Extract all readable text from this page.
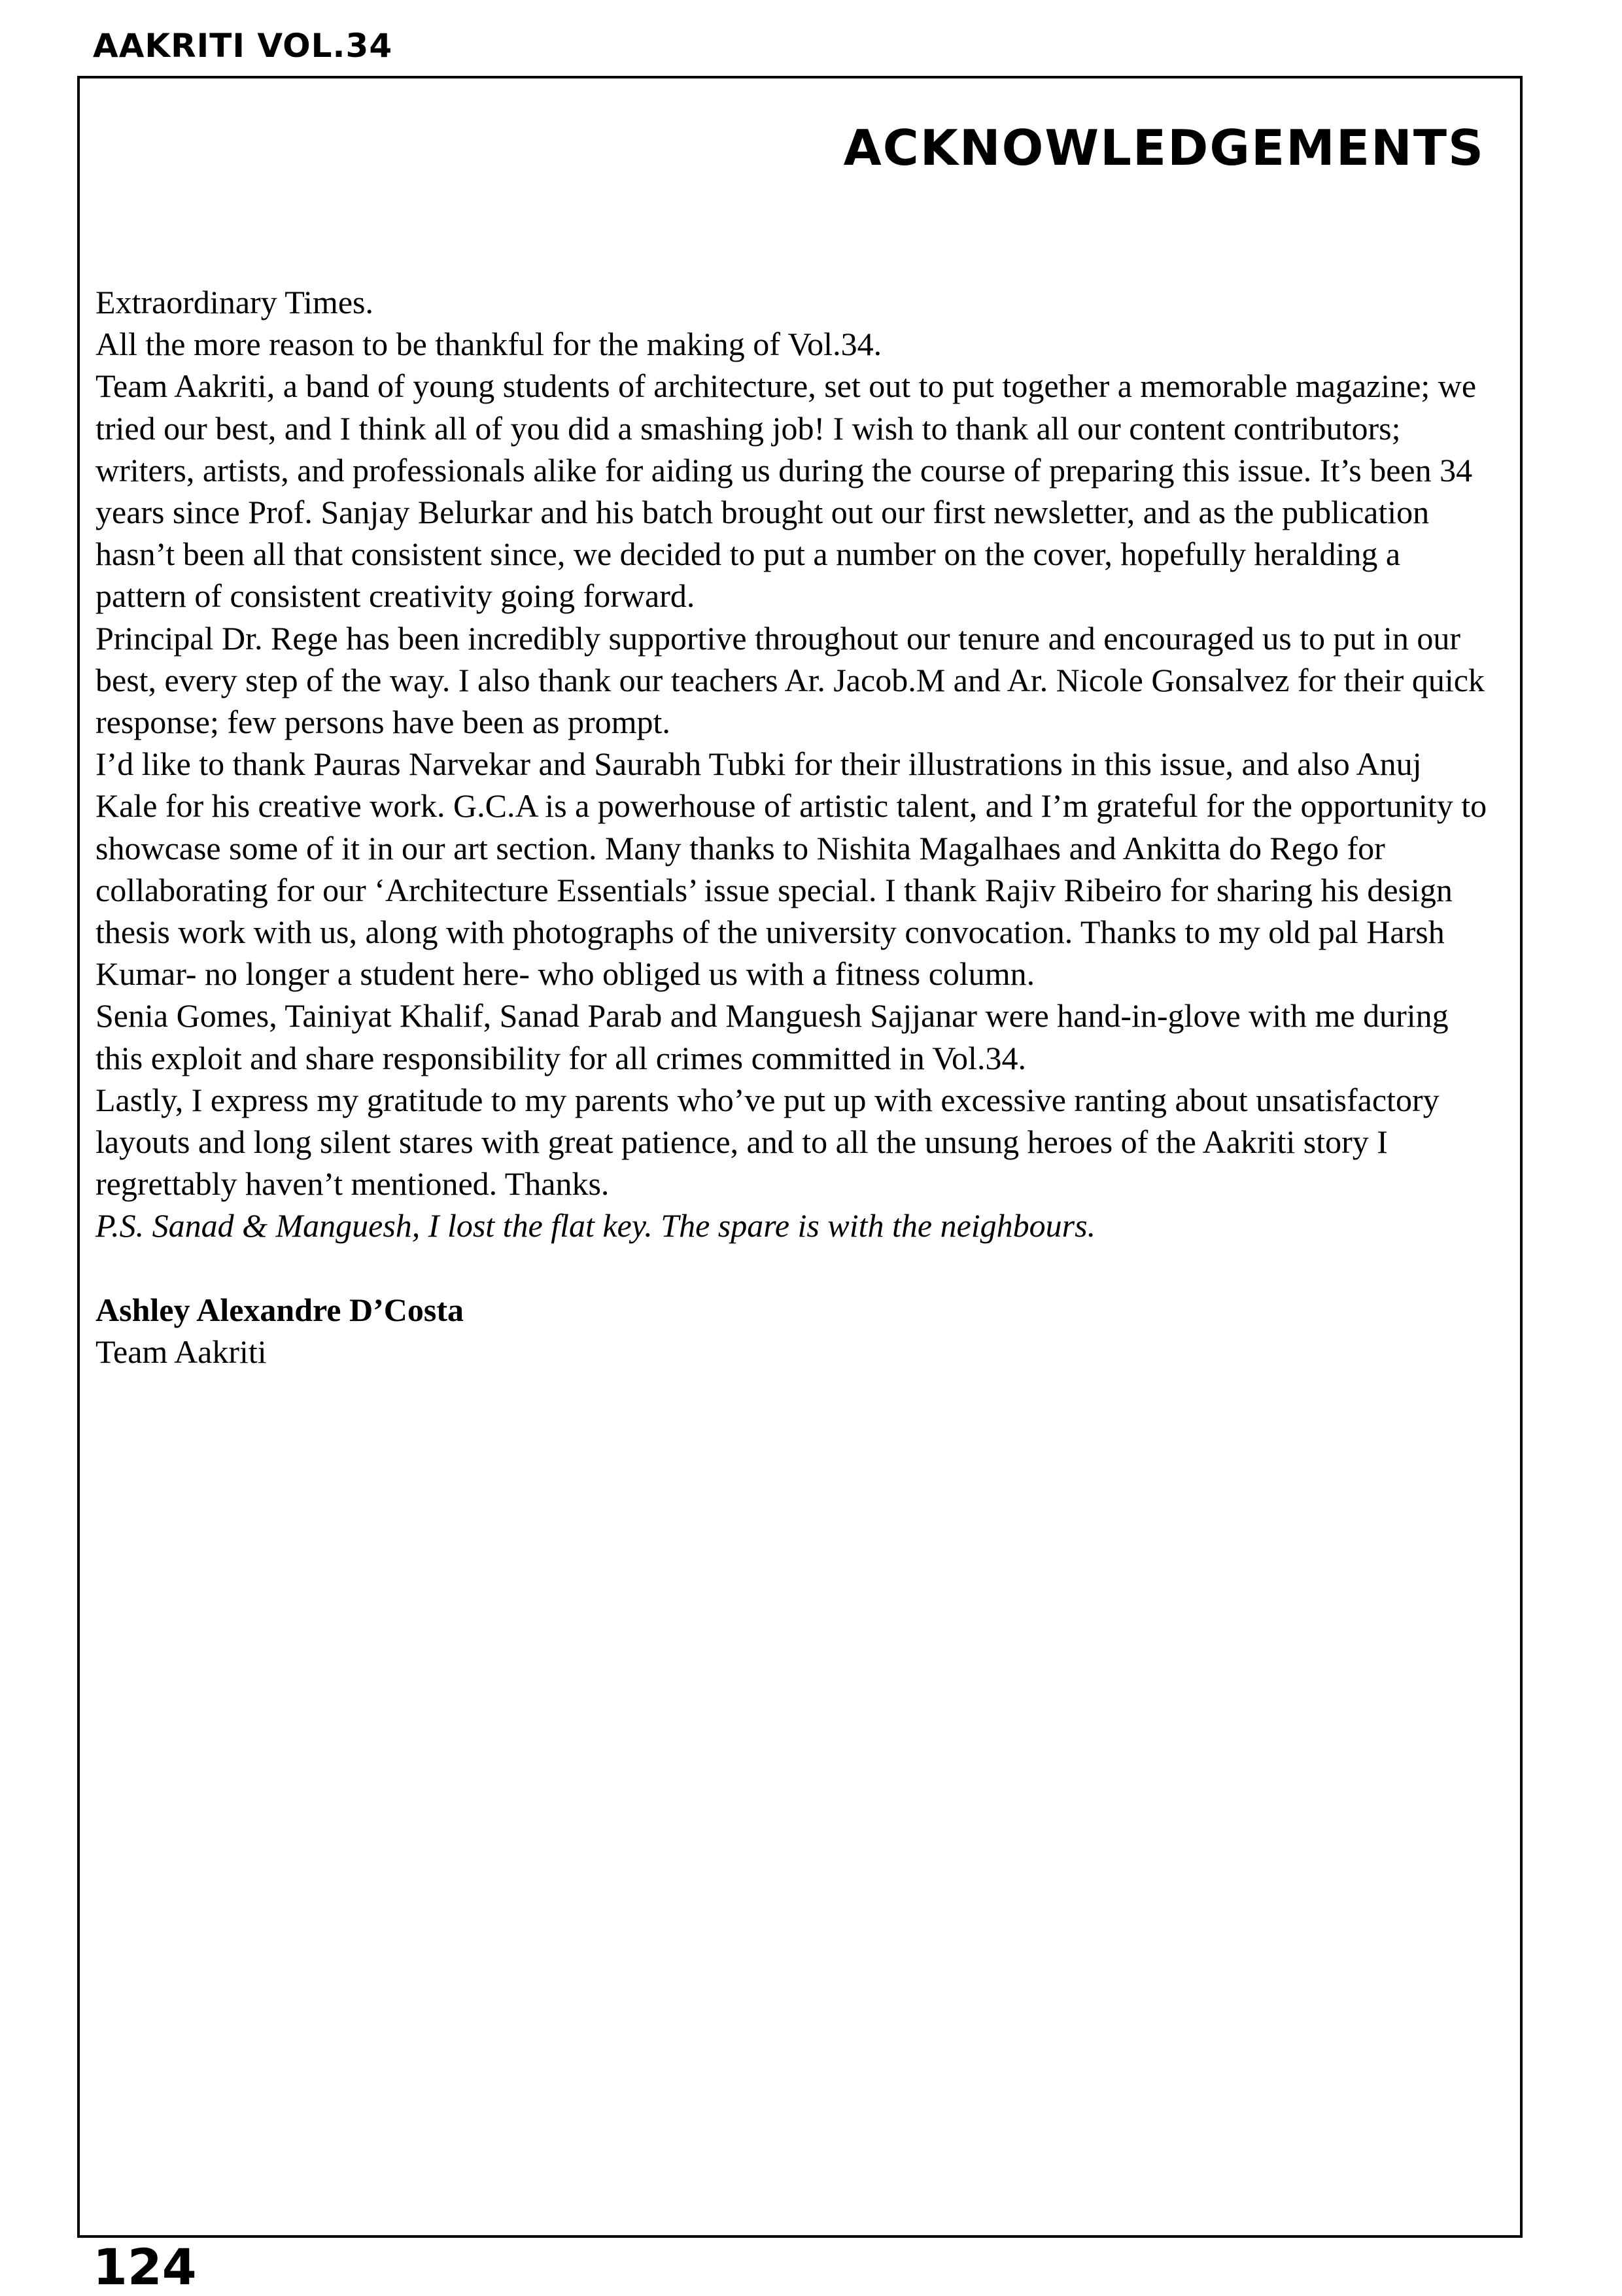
AAKRITI VOL.34
ACKNOWLEDGEMENTS

Extraordinary Times.

All the more reason to be thankful for the making of Vol.34.

Team Aakriti, a band of young students of architecture, set out to put together a memorable magazine; we tried our best, and I think all of you did a smashing job! I wish to thank all our content contributors; writers, artists, and professionals alike for aiding us during the course of preparing this issue. It’s been 34 years since Prof. Sanjay Belurkar and his batch brought out our first newsletter, and as the publication hasn’t been all that consistent since, we decided to put a number on the cover, hopefully heralding a pattern of consistent creativity going forward.

Principal Dr. Rege has been incredibly supportive throughout our tenure and encouraged us to put in our best, every step of the way. I also thank our teachers Ar. Jacob.M and Ar. Nicole Gonsalvez for their quick response; few persons have been as prompt.

I’d like to thank Pauras Narvekar and Saurabh Tubki for their illustrations in this issue, and also Anuj Kale for his creative work. G.C.A is a powerhouse of artistic talent, and I’m grateful for the opportunity to showcase some of it in our art section. Many thanks to Nishita Magalhaes and Ankitta do Rego for collaborating for our ‘Architecture Essentials’ issue special. I thank Rajiv Ribeiro for sharing his design thesis work with us, along with photographs of the university convocation. Thanks to my old pal Harsh Kumar- no longer a student here- who obliged us with a fitness column.

Senia Gomes, Tainiyat Khalif, Sanad Parab and Manguesh Sajjanar were hand-in-glove with me during this exploit and share responsibility for all crimes committed in Vol.34.

Lastly, I express my gratitude to my parents who’ve put up with excessive ranting about unsatisfactory layouts and long silent stares with great patience, and to all the unsung heroes of the Aakriti story I regrettably haven’t mentioned. Thanks.

P.S. Sanad & Manguesh, I lost the flat key. The spare is with the neighbours.

Ashley Alexandre D’Costa

Team Aakriti

124
